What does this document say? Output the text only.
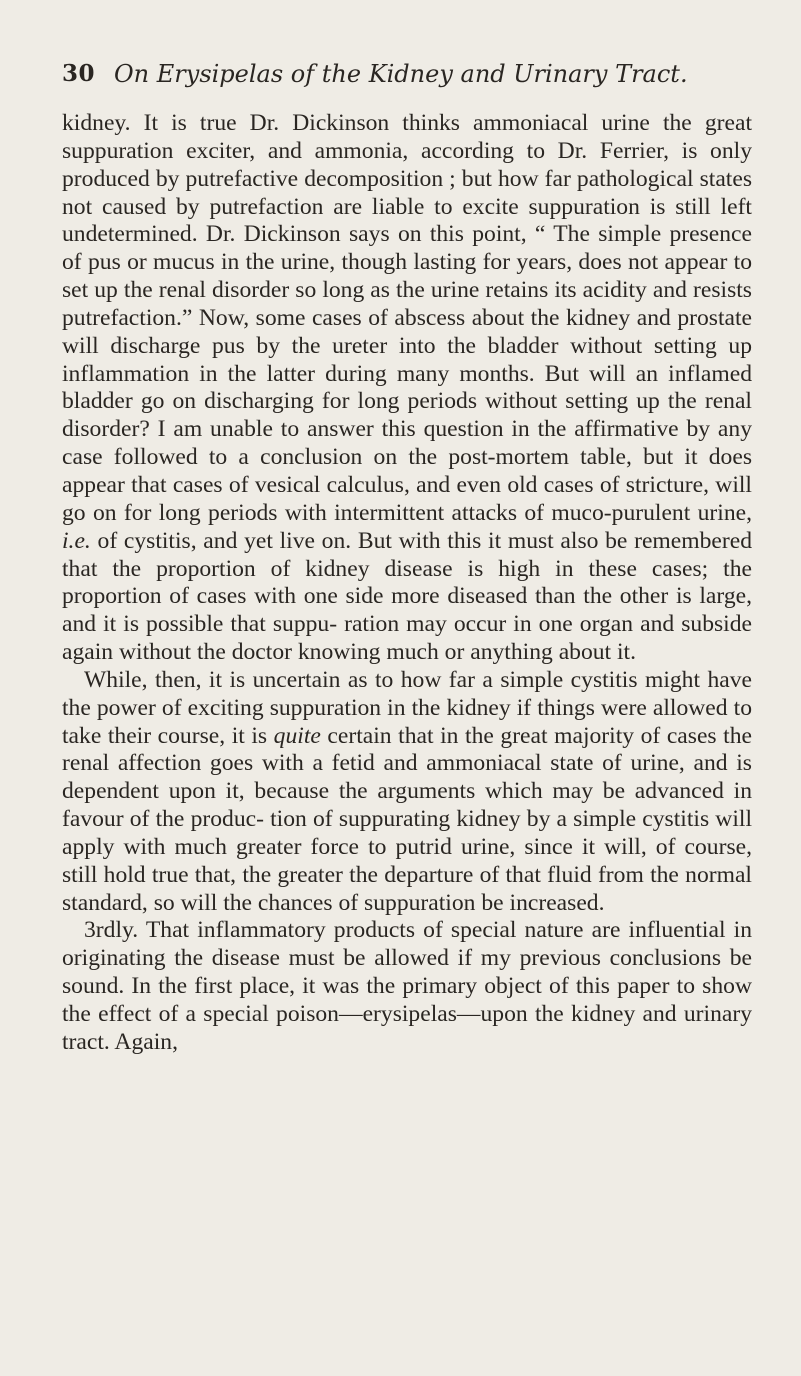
30 On Erysipelas of the Kidney and Urinary Tract.

kidney. It is true Dr. Dickinson thinks ammoniacal urine the great suppuration exciter, and ammonia, according to Dr. Ferrier, is only produced by putrefactive decomposition ; but how far pathological states not caused by putrefaction are liable to excite suppuration is still left undetermined. Dr. Dickinson says on this point, “ The simple presence of pus or mucus in the urine, though lasting for years, does not appear to set up the renal disorder so long as the urine retains its acidity and resists putrefaction.” Now, some cases of abscess about the kidney and prostate will discharge pus by the ureter into the bladder without setting up inflammation in the latter during many months. But will an inflamed bladder go on discharging for long periods without setting up the renal disorder? I am unable to answer this question in the affirmative by any case followed to a conclusion on the post-mortem table, but it does appear that cases of vesical calculus, and even old cases of stricture, will go on for long periods with intermittent attacks of muco-purulent urine, i.e. of cystitis, and yet live on. But with this it must also be remembered that the proportion of kidney disease is high in these cases; the proportion of cases with one side more diseased than the other is large, and it is possible that suppu- ration may occur in one organ and subside again without the doctor knowing much or anything about it.

While, then, it is uncertain as to how far a simple cystitis might have the power of exciting suppuration in the kidney if things were allowed to take their course, it is quite certain that in the great majority of cases the renal affection goes with a fetid and ammoniacal state of urine, and is dependent upon it, because the arguments which may be advanced in favour of the produc- tion of suppurating kidney by a simple cystitis will apply with much greater force to putrid urine, since it will, of course, still hold true that, the greater the departure of that fluid from the normal standard, so will the chances of suppuration be increased.

3rdly. That inflammatory products of special nature are influential in originating the disease must be allowed if my previous conclusions be sound. In the first place, it was the primary object of this paper to show the effect of a special poison—erysipelas—upon the kidney and urinary tract. Again,
